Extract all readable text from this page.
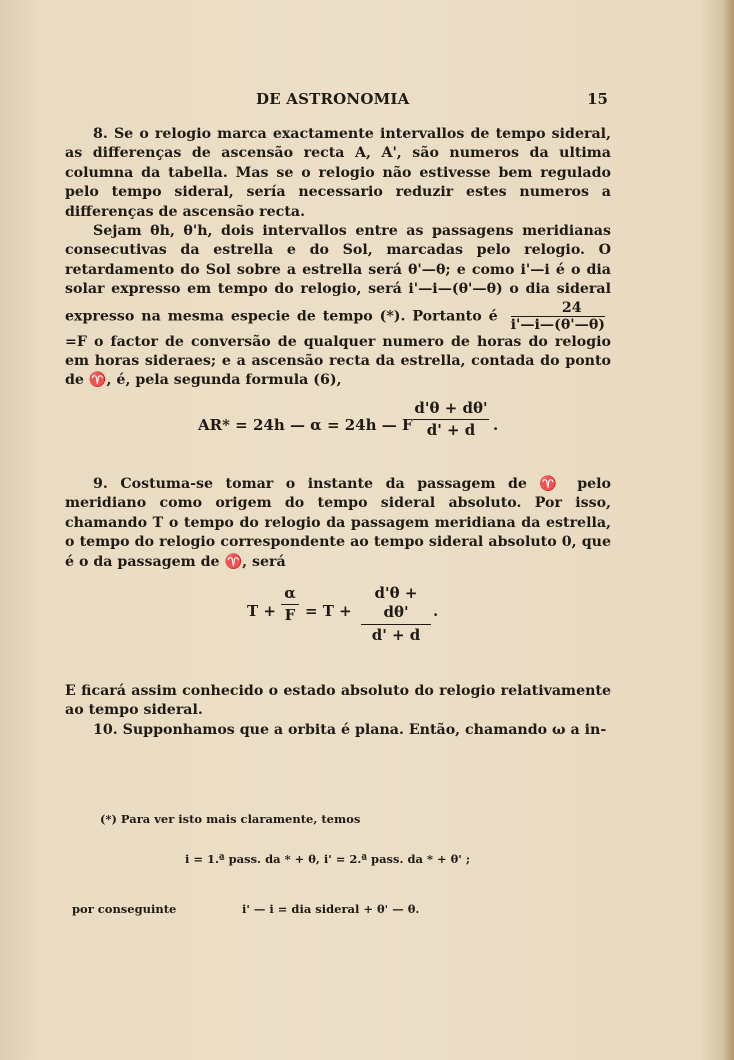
DE ASTRONOMIA	15

8. Se o relogio marca exactamente intervallos de tempo sideral, as differenças de ascensão recta A, A', são numeros da ultima columna da tabella. Mas se o relogio não estivesse bem regulado pelo tempo sideral, sería necessario reduzir estes numeros a differenças de ascensão recta.

Sejam θh, θ'h, dois intervallos entre as passagens meridianas consecutivas da estrella e do Sol, marcadas pelo relogio. O retardamento do Sol sobre a estrella será θ'—θ; e como i'—i é o dia solar expresso em tempo do relogio, será i'—i—(θ'—θ) o dia sideral expresso na mesma especie de tempo (*). Portanto é $\frac{24}{i'—i—(\theta'—\theta)} =F$ o factor de conversão de qualquer numero de horas do relogio em horas sideraes; e a ascensão recta da estrella, contada do ponto de ♈, é, pela segunda formula (6),

AR* = 24h — α = 24h — F
d'θ + dθ'
d' + d	.

9. Costuma-se tomar o instante da passagem de ♈ pelo meridiano como origem do tempo sideral absoluto. Por isso, chamando T o tempo do relogio da passagem meridiana da estrella, o tempo do relogio correspondente ao tempo sideral absoluto 0, que é o da passagem de ♈, será

T +
α
F = T +
d'θ + dθ'
d' + d
.

E ficará assim conhecido o estado absoluto do relogio relativamente ao tempo sideral.

10. Supponhamos que a orbita é plana. Então, chamando ω a in-

(*) Para ver isto mais claramente, temos
i = 1.ª pass. da * + θ, i' = 2.ª pass. da * + θ' ;
por conseguinte	i' — i = dia sideral + θ' — θ.
